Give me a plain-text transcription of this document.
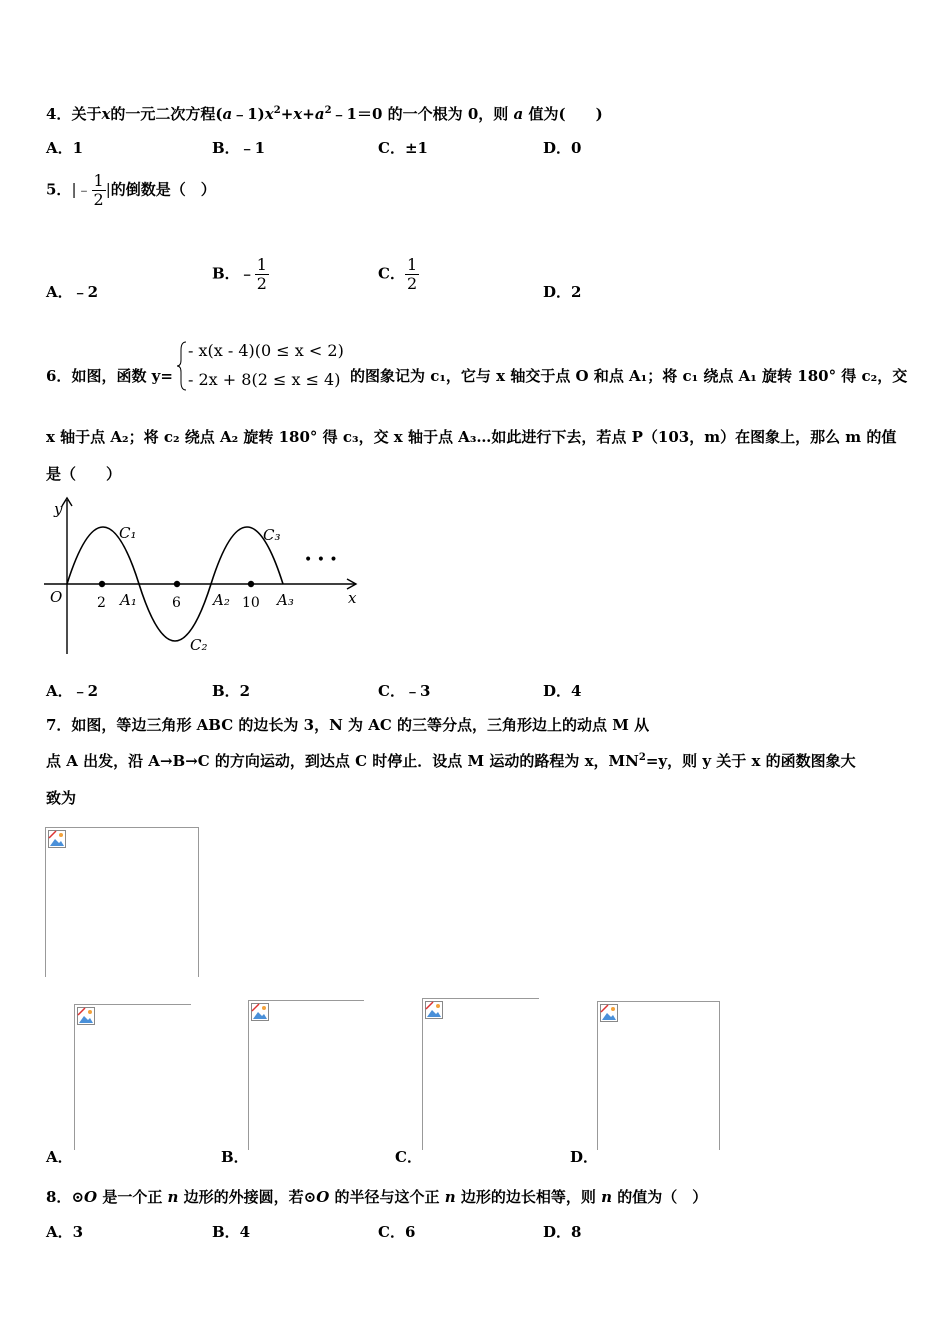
4．关于x的一元二次方程$(a﹣1)x^2+x+a^2﹣1=0$ 的一个根为 0，则 a 值为(　　)
A．1	B．﹣1	C．±1	D．0
5．|﹣ $\frac{1}{2}$ |的倒数是（　）
A．﹣2
B．﹣ $\frac{1}{2}$	C． $\frac{1}{2}$	D．2
6．如图，函数 y=
- x(x - 4)(0 ≤ x < 2)
- 2x + 8(2 ≤ x ≤ 4) 的图象记为 c₁，它与 x 轴交于点 O 和点 A₁；将 c₁ 绕点 A₁ 旋转 180° 得 c₂，交
x 轴于点 A₂；将 c₂ 绕点 A₂ 旋转 180° 得 c₃，交 x 轴于点 A₃…如此进行下去，若点 P（103，m）在图象上，那么 m 的值
是（　　）
y
x
O	A₁	A₂	A₃
C₁
C₂
C₃
2	6	10
• • •
A．﹣2	B．2	C．﹣3	D．4
7．如图，等边三角形 ABC 的边长为 3，N 为 AC 的三等分点，三角形边上的动点 M 从
点 A 出发，沿 A→B→C 的方向运动，到达点 C 时停止．设点 M 运动的路程为 x，$MN^2=y$，则 y 关于 x 的函数图象大
致为
A．	B．	C．	D．
8．⊙O 是一个正 n 边形的外接圆，若⊙O 的半径与这个正 n 边形的边长相等，则 n 的值为（　）
A．3	B．4	C．6	D．8
